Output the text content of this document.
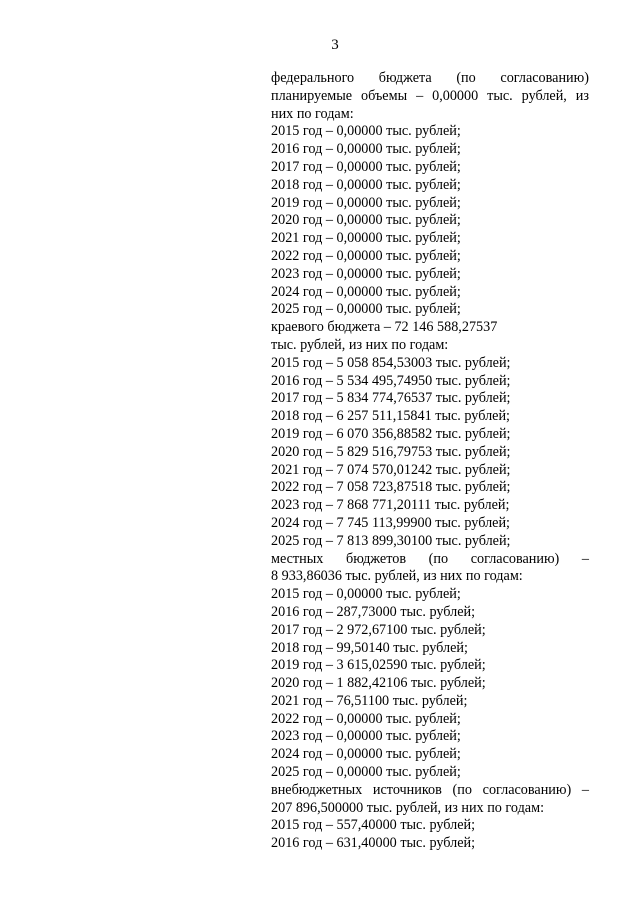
3
федерального бюджета (по согласованию)
планируемые объемы – 0,00000 тыс. рублей, из
них по годам:
2015 год – 0,00000 тыс. рублей;
2016 год – 0,00000 тыс. рублей;
2017 год – 0,00000 тыс. рублей;
2018 год – 0,00000 тыс. рублей;
2019 год – 0,00000 тыс. рублей;
2020 год – 0,00000 тыс. рублей;
2021 год – 0,00000 тыс. рублей;
2022 год – 0,00000 тыс. рублей;
2023 год – 0,00000 тыс. рублей;
2024 год – 0,00000 тыс. рублей;
2025 год – 0,00000 тыс. рублей;
краевого бюджета – 72 146 588,27537
тыс. рублей, из них по годам:
2015 год – 5 058 854,53003 тыс. рублей;
2016 год – 5 534 495,74950 тыс. рублей;
2017 год – 5 834 774,76537 тыс. рублей;
2018 год – 6 257 511,15841 тыс. рублей;
2019 год – 6 070 356,88582 тыс. рублей;
2020 год – 5 829 516,79753 тыс. рублей;
2021 год – 7 074 570,01242 тыс. рублей;
2022 год – 7 058 723,87518 тыс. рублей;
2023 год – 7 868 771,20111 тыс. рублей;
2024 год – 7 745 113,99900 тыс. рублей;
2025 год – 7 813 899,30100 тыс. рублей;
местных бюджетов (по согласованию) –
8 933,86036 тыс. рублей, из них по годам:
2015 год – 0,00000 тыс. рублей;
2016 год – 287,73000 тыс. рублей;
2017 год – 2 972,67100 тыс. рублей;
2018 год – 99,50140 тыс. рублей;
2019 год – 3 615,02590 тыс. рублей;
2020 год – 1 882,42106 тыс. рублей;
2021 год – 76,51100 тыс. рублей;
2022 год – 0,00000 тыс. рублей;
2023 год – 0,00000 тыс. рублей;
2024 год – 0,00000 тыс. рублей;
2025 год – 0,00000 тыс. рублей;
внебюджетных источников (по согласованию) –
207 896,500000 тыс. рублей, из них по годам:
2015 год – 557,40000 тыс. рублей;
2016 год – 631,40000 тыс. рублей;
